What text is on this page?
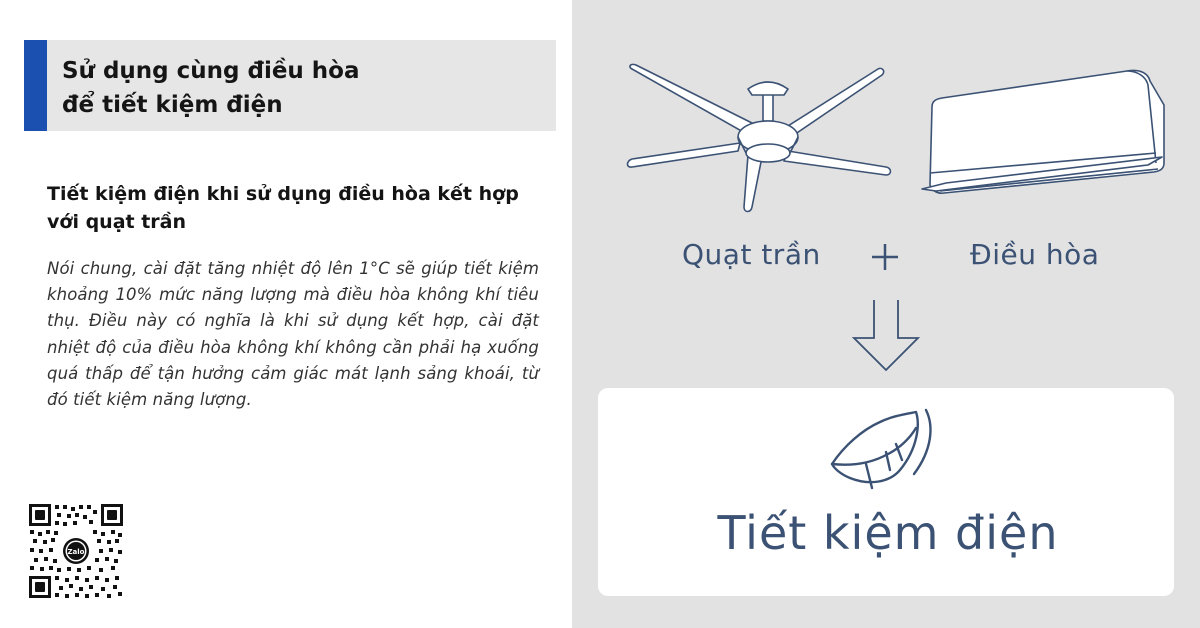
Sử dụng cùng điều hòa
để tiết kiệm điện
Tiết kiệm điện khi sử dụng điều hòa kết hợp
với quạt trần
Nói chung, cài đặt tăng nhiệt độ lên 1°C sẽ giúp tiết kiệm khoảng 10% mức năng lượng mà điều hòa không khí tiêu thụ. Điều này có nghĩa là khi sử dụng kết hợp, cài đặt nhiệt độ của điều hòa không khí không cần phải hạ xuống quá thấp để tận hưởng cảm giác mát lạnh sảng khoái, từ đó tiết kiệm năng lượng.
Zalo
Quạt trần	Điều hòa
Tiết kiệm điện
